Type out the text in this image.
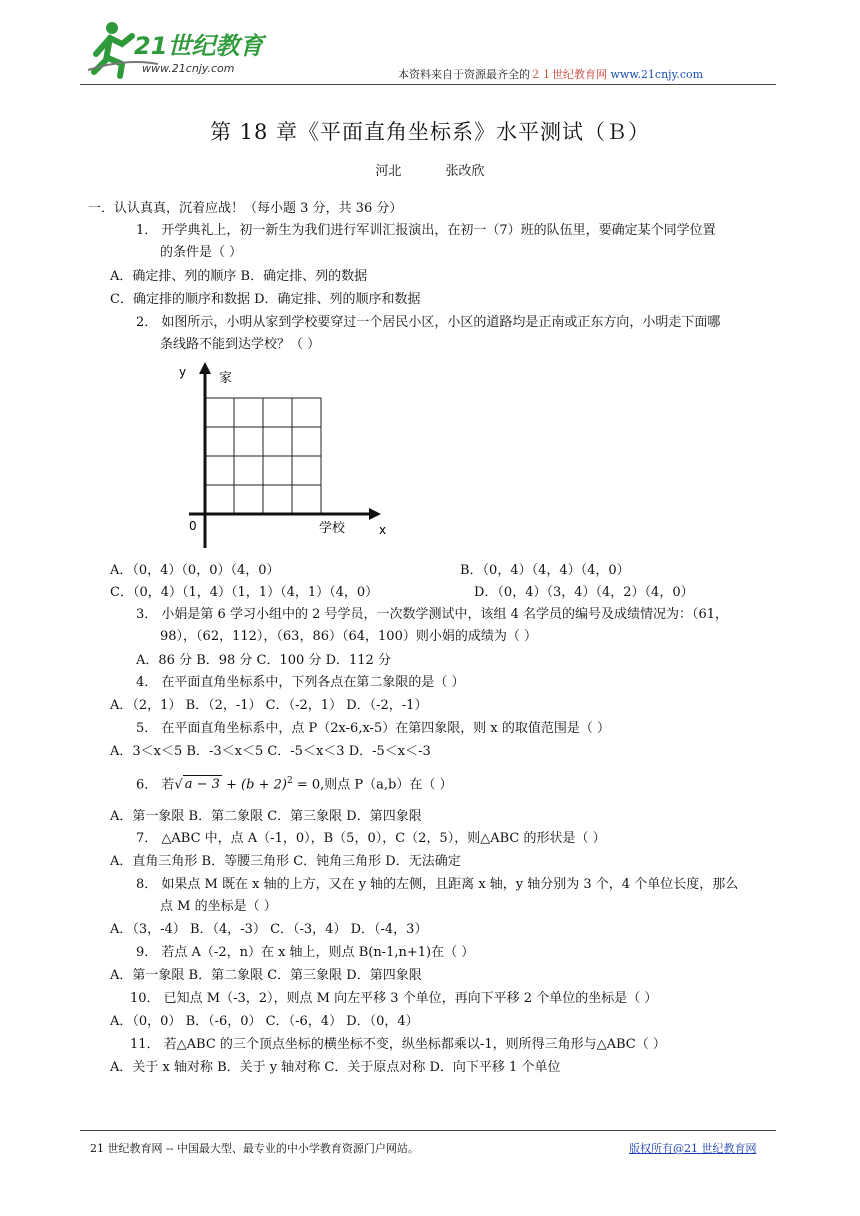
21世纪教育
www.21cnjy.com	本资料来自于资源最齐全的２１世纪教育网 www.21cnjy.com
第 18 章《平面直角坐标系》水平测试（Ｂ）
河北 张改欣
一．认认真真，沉着应战！（每小题 3 分，共 36 分）
1． 开学典礼上，初一新生为我们进行军训汇报演出，在初一（7）班的队伍里，要确定某个同学位置
的条件是（ ）
A．确定排、列的顺序 B．确定排、列的数据
C．确定排的顺序和数据 D．确定排、列的顺序和数据
2． 如图所示，小明从家到学校要穿过一个居民小区，小区的道路均是正南或正东方向，小明走下面哪
条线路不能到达学校？（ ）
y
x
0
家
学校
A．（0，4）（0，0）（4，0）	B．（0，4）（4，4）（4，0）
C．（0，4）（1，4）（1，1）（4，1）（4，0）	D．（0，4）（3，4）（4，2）（4，0）
3． 小娟是第 6 学习小组中的 2 号学员，一次数学测试中，该组 4 名学员的编号及成绩情况为：（61，
98），（62，112），（63，86）（64，100）则小娟的成绩为（ ）
A．86 分 B．98 分 C．100 分 D．112 分
4． 在平面直角坐标系中，下列各点在第二象限的是（ ）
A．（2，1） B．（2，-1） C．（-2，1） D．（-2，-1）
5． 在平面直角坐标系中，点 P（2x-6,x-5）在第四象限，则 x 的取值范围是（ ）
A．3＜x＜5 B．-3＜x＜5 C．-5＜x＜3 D．-5＜x＜-3
6． 若√ $a - 3 + (b + 2)^2 = 0$,则点 P（a,b）在（ ）
A．第一象限 B．第二象限 C．第三象限 D．第四象限
7． △ABC 中，点 A（-1，0），B（5，0），C（2，5），则△ABC 的形状是（ ）
A．直角三角形 B．等腰三角形 C．钝角三角形 D．无法确定
8． 如果点 M 既在 x 轴的上方，又在 y 轴的左侧，且距离 x 轴，y 轴分别为 3 个，4 个单位长度，那么
点 M 的坐标是（ ）
A．（3，-4） B．（4，-3） C．（-3，4） D．（-4，3）
9． 若点 A（-2，n）在 x 轴上，则点 B(n-1,n+1)在（ ）
A．第一象限 B．第二象限 C．第三象限 D．第四象限
10． 已知点 M（-3，2），则点 M 向左平移 3 个单位，再向下平移 2 个单位的坐标是（ ）
A．（0，0） B．（-6，0） C．（-6，4） D．（0，4）
11． 若△ABC 的三个顶点坐标的横坐标不变，纵坐标都乘以-1，则所得三角形与△ABC（ ）
A．关于 x 轴对称 B．关于 y 轴对称 C．关于原点对称 D．向下平移 1 个单位
21 世纪教育网 -- 中国最大型、最专业的中小学教育资源门户网站。	版权所有@21 世纪教育网
